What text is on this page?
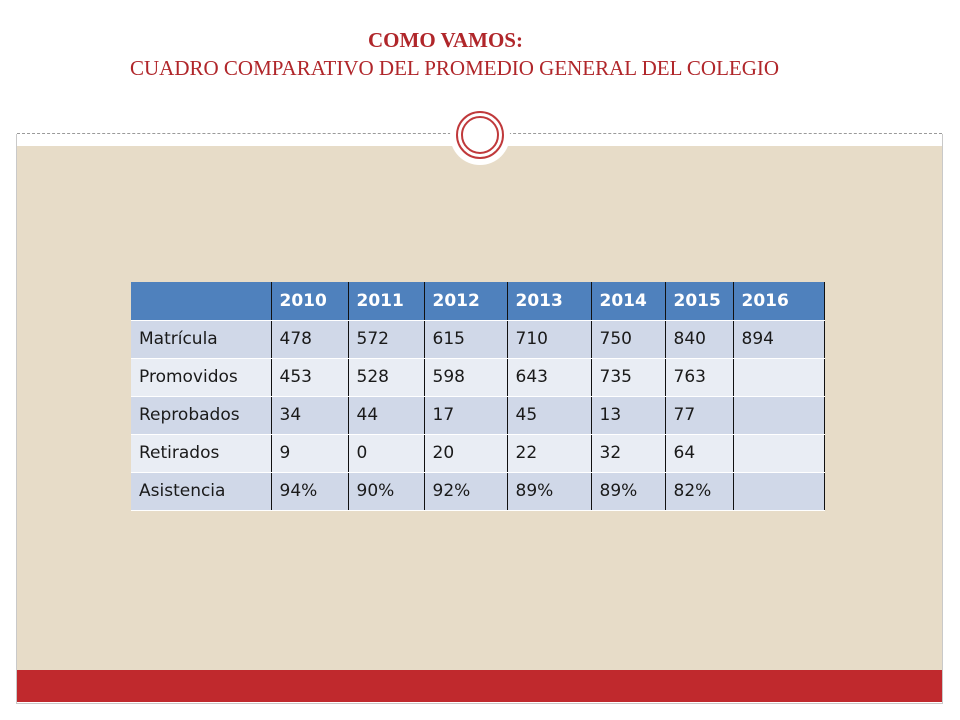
COMO VAMOS:
CUADRO COMPARATIVO DEL PROMEDIO GENERAL DEL COLEGIO
	2010	2011	2012	2013	2014	2015	2016
Matrícula	478	572	615	710	750	840	894
Promovidos	453	528	598	643	735	763	
Reprobados	34	44	17	45	13	77	
Retirados	9	0	20	22	32	64	
Asistencia	94%	90%	92%	89%	89%	82%	
